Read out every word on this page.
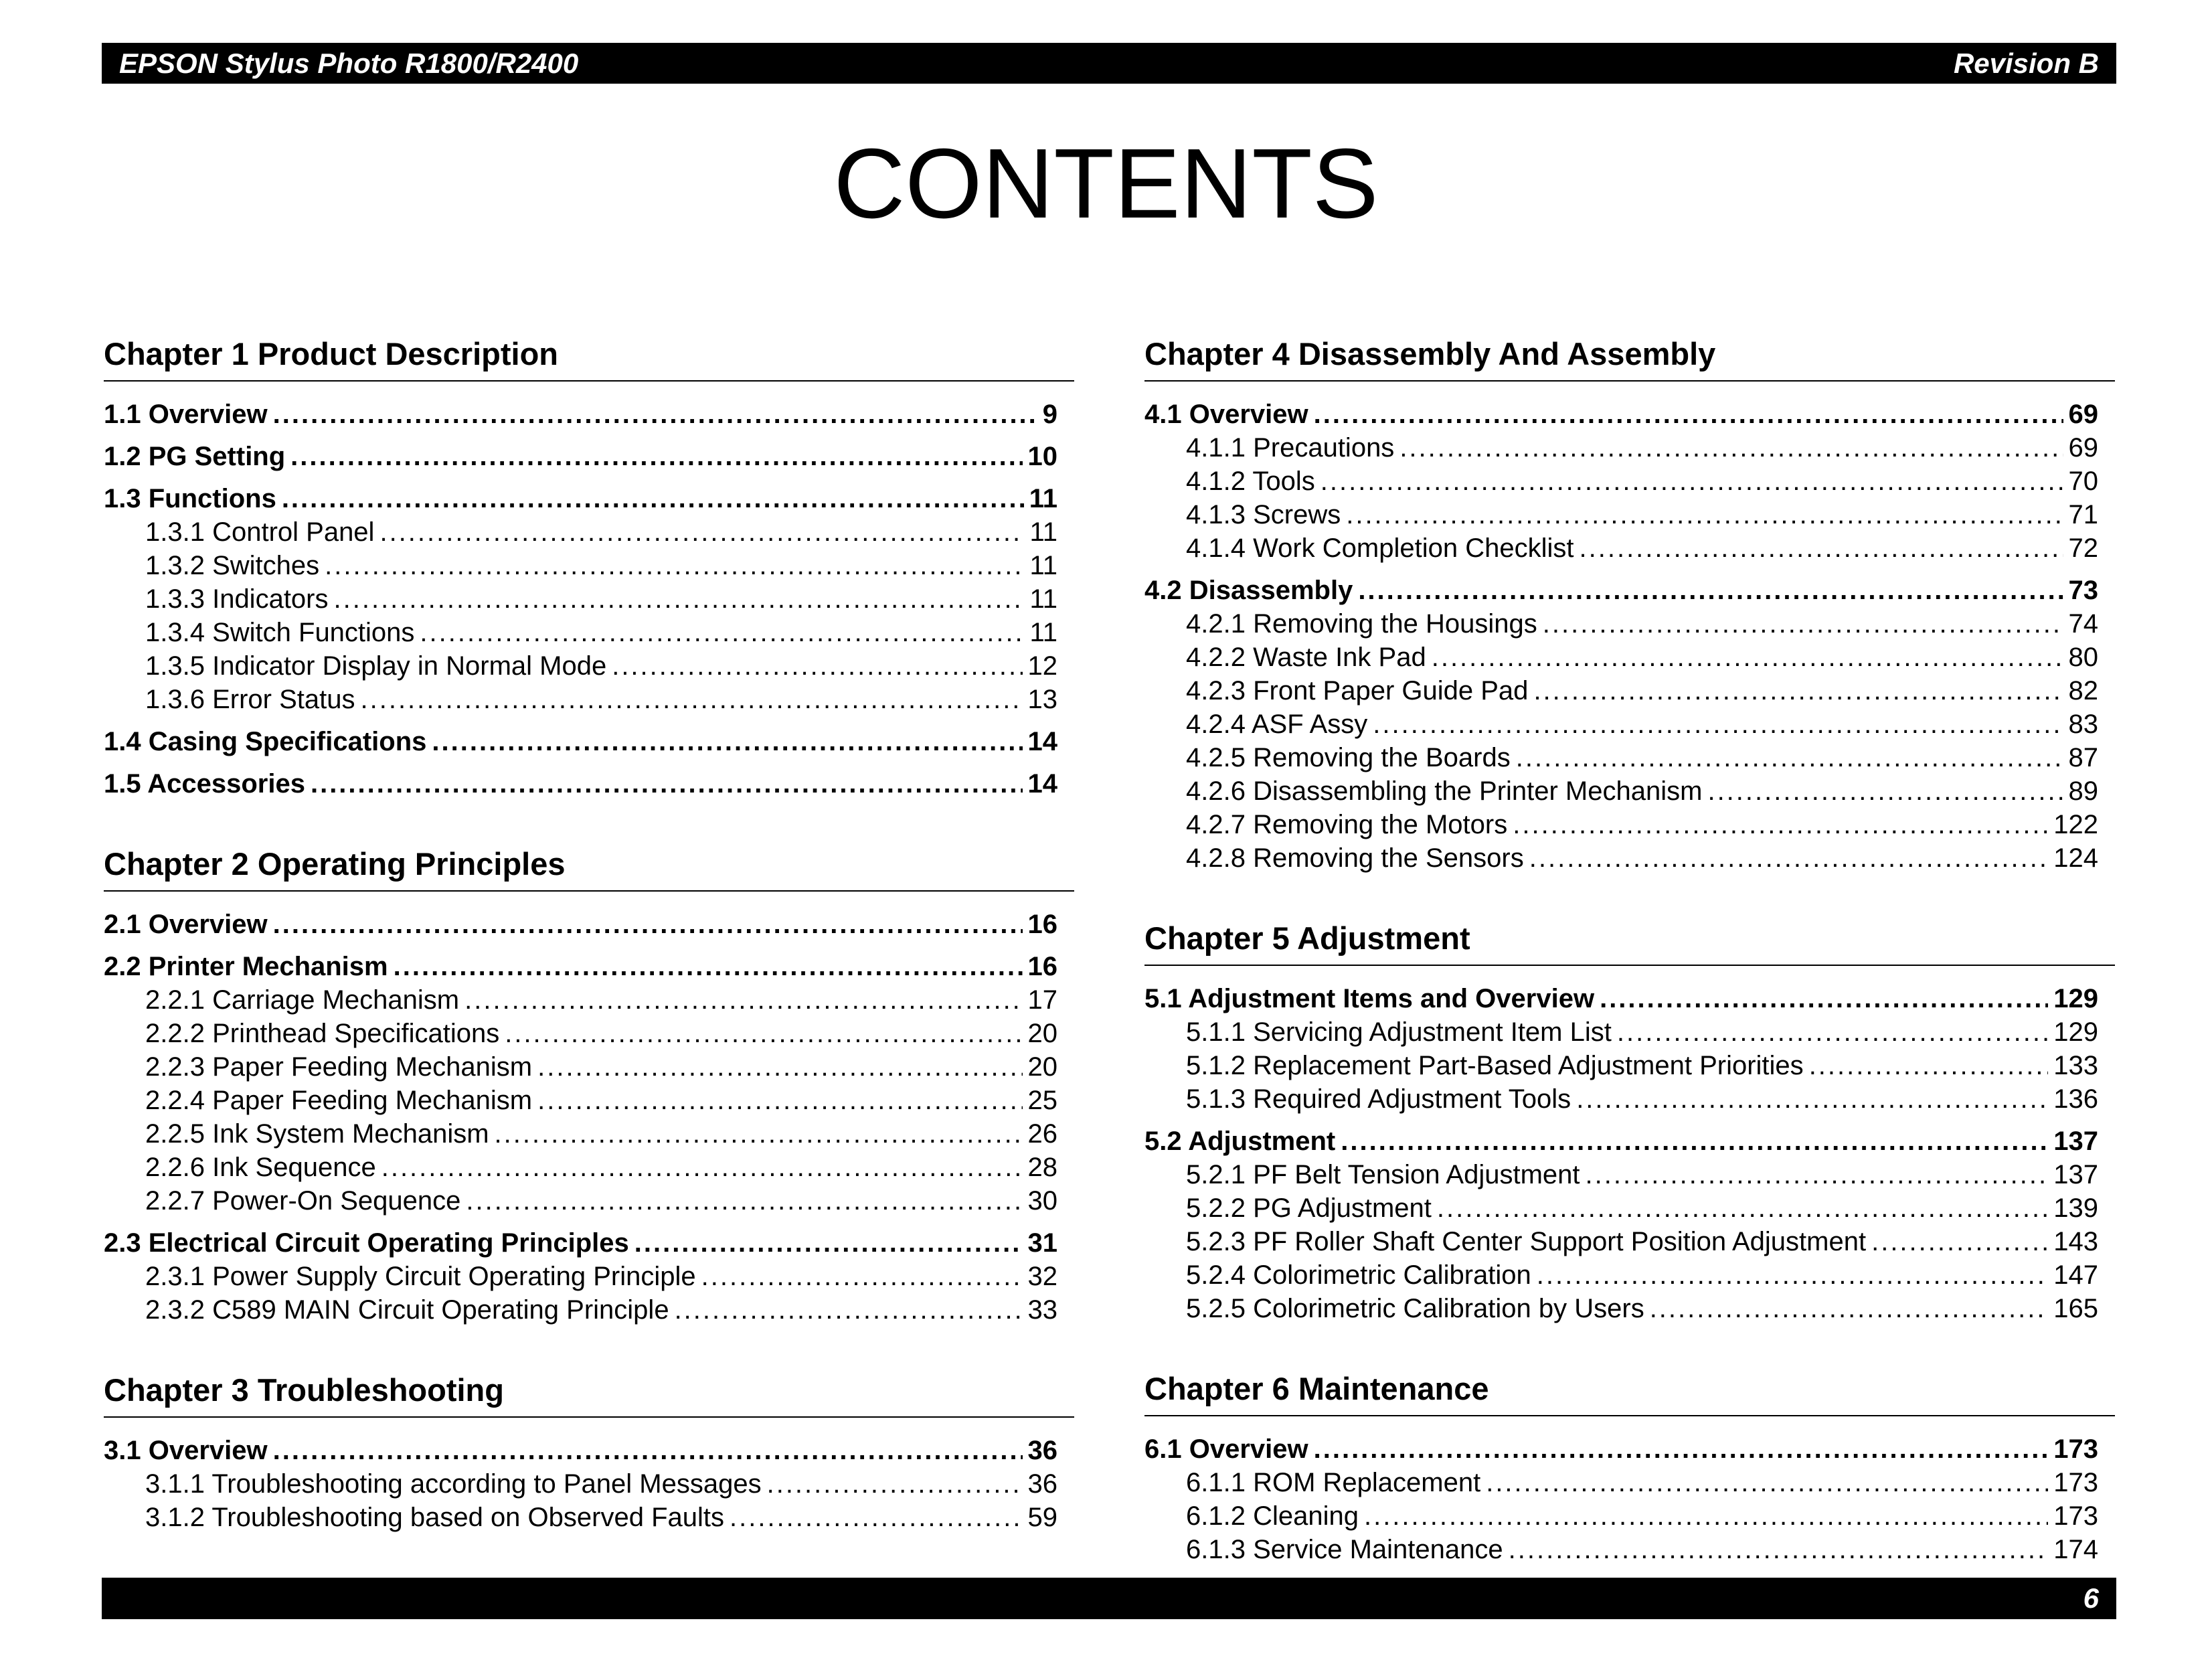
EPSON Stylus Photo R1800/R2400	Revision B
CONTENTS
Chapter 1 Product Description
1.1 Overview .....	9
1.2 PG Setting .....	10
1.3 Functions .....	11
1.3.1 Control Panel .....	11
1.3.2 Switches .....	11
1.3.3 Indicators .....	11
1.3.4 Switch Functions .....	11
1.3.5 Indicator Display in Normal Mode .....	12
1.3.6 Error Status .....	13
1.4 Casing Specifications .....	14
1.5 Accessories .....	14
Chapter 2 Operating Principles
2.1 Overview .....	16
2.2 Printer Mechanism .....	16
2.2.1 Carriage Mechanism .....	17
2.2.2 Printhead Specifications .....	20
2.2.3 Paper Feeding Mechanism .....	20
2.2.4 Paper Feeding Mechanism .....	25
2.2.5 Ink System Mechanism .....	26
2.2.6 Ink Sequence .....	28
2.2.7 Power-On Sequence .....	30
2.3 Electrical Circuit Operating Principles .....	31
2.3.1 Power Supply Circuit Operating Principle .....	32
2.3.2 C589 MAIN Circuit Operating Principle .....	33
Chapter 3 Troubleshooting
3.1 Overview .....	36
3.1.1 Troubleshooting according to Panel Messages .....	36
3.1.2 Troubleshooting based on Observed Faults .....	59
Chapter 4 Disassembly And Assembly
4.1 Overview .....	69
4.1.1 Precautions .....	69
4.1.2 Tools .....	70
4.1.3 Screws .....	71
4.1.4 Work Completion Checklist .....	72
4.2 Disassembly .....	73
4.2.1 Removing the Housings .....	74
4.2.2 Waste Ink Pad .....	80
4.2.3 Front Paper Guide Pad .....	82
4.2.4 ASF Assy .....	83
4.2.5 Removing the Boards .....	87
4.2.6 Disassembling the Printer Mechanism .....	89
4.2.7 Removing the Motors .....	122
4.2.8 Removing the Sensors .....	124
Chapter 5 Adjustment
5.1 Adjustment Items and Overview .....	129
5.1.1 Servicing Adjustment Item List .....	129
5.1.2 Replacement Part-Based Adjustment Priorities .....	133
5.1.3 Required Adjustment Tools .....	136
5.2 Adjustment .....	137
5.2.1 PF Belt Tension Adjustment .....	137
5.2.2 PG Adjustment .....	139
5.2.3 PF Roller Shaft Center Support Position Adjustment .....	143
5.2.4 Colorimetric Calibration .....	147
5.2.5 Colorimetric Calibration by Users .....	165
Chapter 6 Maintenance
6.1 Overview .....	173
6.1.1 ROM Replacement .....	173
6.1.2 Cleaning .....	173
6.1.3 Service Maintenance .....	174
6
